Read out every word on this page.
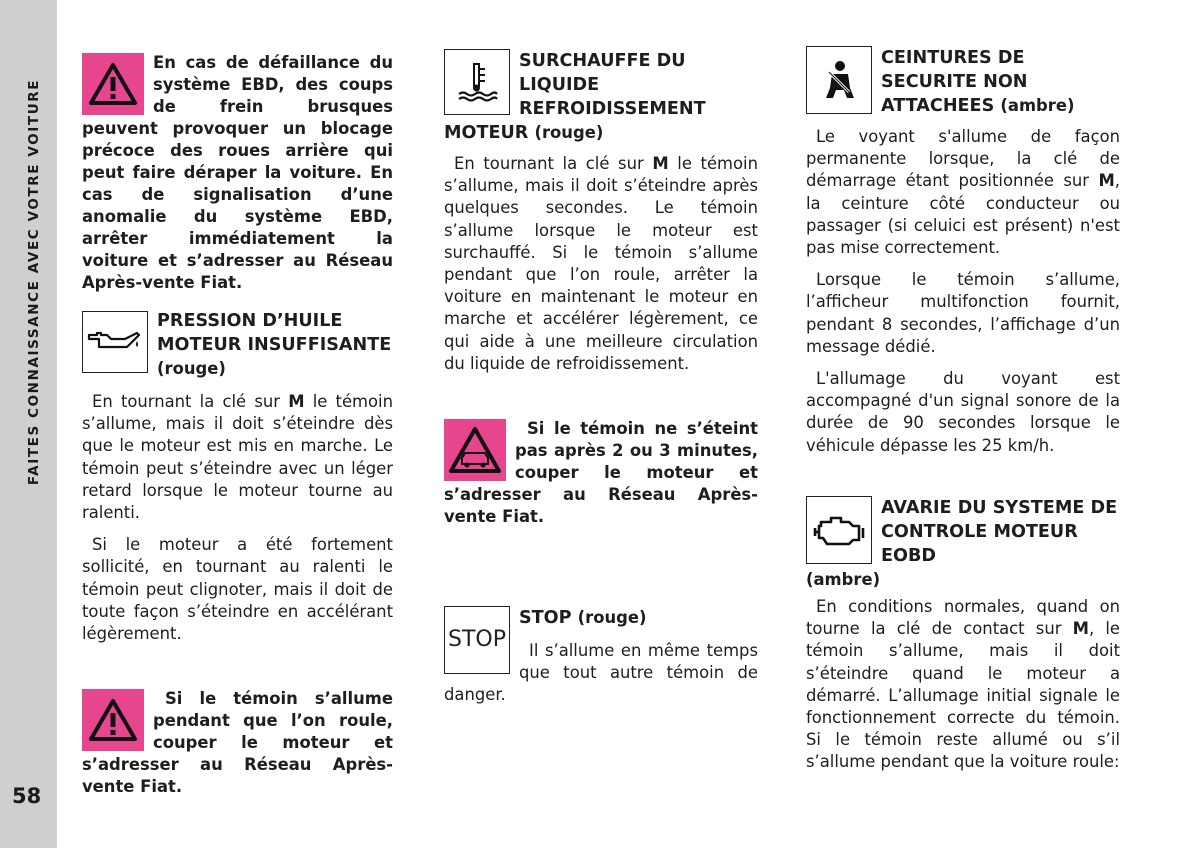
FAITES CONNAISSANCE AVEC VOTRE VOITURE
58

En cas de défaillance du système EBD, des coups de frein brusques peuvent provoquer un blocage précoce des roues arrière qui peut faire déraper la voiture. En cas de signalisation d’une anomalie du système EBD, arrêter immédiatement la voiture et s’adresser au Réseau Après-vente Fiat.

PRESSION D’HUILE MOTEUR INSUFFISANTE (rouge)

En tournant la clé sur M le témoin s’allume, mais il doit s’éteindre dès que le moteur est mis en marche. Le témoin peut s’éteindre avec un léger retard lorsque le moteur tourne au ralenti.

Si le moteur a été fortement sollicité, en tournant au ralenti le témoin peut clignoter, mais il doit de toute façon s’éteindre en accélérant légèrement.

Si le témoin s’allume pendant que l’on roule, couper le moteur et s’adresser au Réseau Après-vente Fiat.

SURCHAUFFE DU LIQUIDE REFROIDISSEMENT MOTEUR (rouge)

En tournant la clé sur M le témoin s’allume, mais il doit s’éteindre après quelques secondes. Le témoin s’allume lorsque le moteur est surchauffé. Si le témoin s’allume pendant que l’on roule, arrêter la voiture en maintenant le moteur en marche et accélérer légèrement, ce qui aide à une meilleure circulation du liquide de refroidissement.

Si le témoin ne s’éteint pas après 2 ou 3 minutes, couper le moteur et s’adresser au Réseau Après-vente Fiat.

STOP
STOP (rouge)

Il s’allume en même temps que tout autre témoin de danger.

CEINTURES DE SECURITE NON ATTACHEES (ambre)

Le voyant s'allume de façon permanente lorsque, la clé de démarrage étant positionnée sur M, la ceinture côté conducteur ou passager (si celuici est présent) n'est pas mise correctement.

Lorsque le témoin s’allume, l’afficheur multifonction fournit, pendant 8 secondes, l’affichage d’un message dédié.

L'allumage du voyant est accompagné d'un signal sonore de la durée de 90 secondes lorsque le véhicule dépasse les 25 km/h.

AVARIE DU SYSTEME DE CONTROLE MOTEUR EOBD
(ambre)

En conditions normales, quand on tourne la clé de contact sur M, le témoin s’allume, mais il doit s’éteindre quand le moteur a démarré. L’allumage initial signale le fonctionnement correcte du témoin. Si le témoin reste allumé ou s’il s’allume pendant que la voiture roule:
